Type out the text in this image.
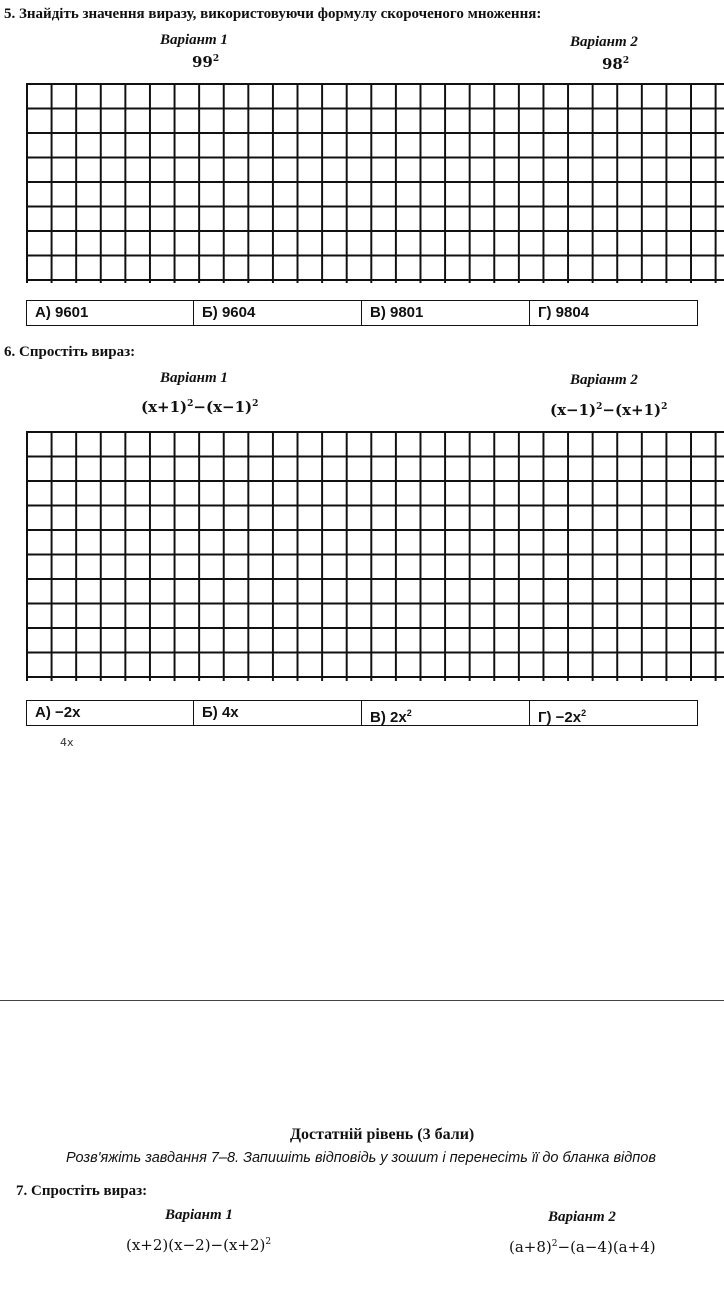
5. Знайдіть значення виразу, використовуючи формулу скороченого множення:
Варіант 1
$99^2$
Варіант 2
$98^2$
А) 9601	Б) 9604	В) 9801	Г) 9804
6. Спростіть вираз:
Варіант 1
$(x+1)^2-(x-1)^2$
Варіант 2
$(x-1)^2-(x+1)^2$
А) −2x	Б) 4x	В) $2x^2$	$Г) -2x^2$
4x
Достатній рівень (3 бали)
Розв'яжіть завдання 7–8. Запишіть відповідь у зошит і перенесіть її до бланка відпов
7. Спростіть вираз:
Варіант 1
$(x+2)(x-2)-(x+2)^2$
Варіант 2
$(a+8)^2-(a-4)(a+4)$
